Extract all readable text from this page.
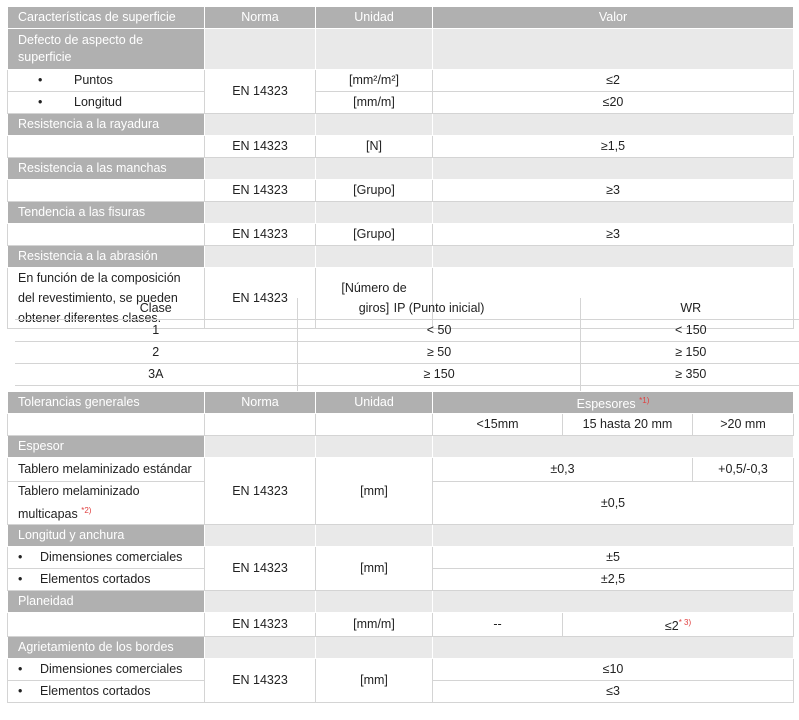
Características de superficie	Norma	Unidad	Valor
Defecto de aspecto de
superficie			
•	Puntos	EN 14323	[mm²/m²]	≤2
•	Longitud	[mm/m]	≤20
Resistencia a la rayadura			
	EN 14323	[N]	≥1,5
Resistencia a las manchas			
	EN 14323	[Grupo]	≥3
Tendencia a las fisuras			
	EN 14323	[Grupo]	≥3
Resistencia a la abrasión			
En función de la composición
del revestimiento, se pueden
obtener diferentes clases.	EN 14323	[Número de
giros]	
Clase	IP (Punto inicial)	WR
1	< 50	< 150
2	≥ 50	≥ 150
3A	≥ 150	≥ 350

Tolerancias generales	Norma	Unidad	Espesores $^{*1)}$
			<15mm	15 hasta 20 mm	>20 mm
Espesor					
Tablero melaminizado estándar	EN 14323	[mm]	±0,3		+0,5/-0,3
Tablero melaminizado
multicapas $^{*2)}$			±0,5		
Longitud y anchura					
• Dimensiones comerciales	EN 14323	[mm]	±5		
• Elementos cortados			±2,5		
Planeidad					
	EN 14323	[mm/m]	--	$\le 2^{* 3)}$
Agrietamiento de los bordes					
• Dimensiones comerciales	EN 14323	[mm]	≤10		
• Elementos cortados			≤3		
